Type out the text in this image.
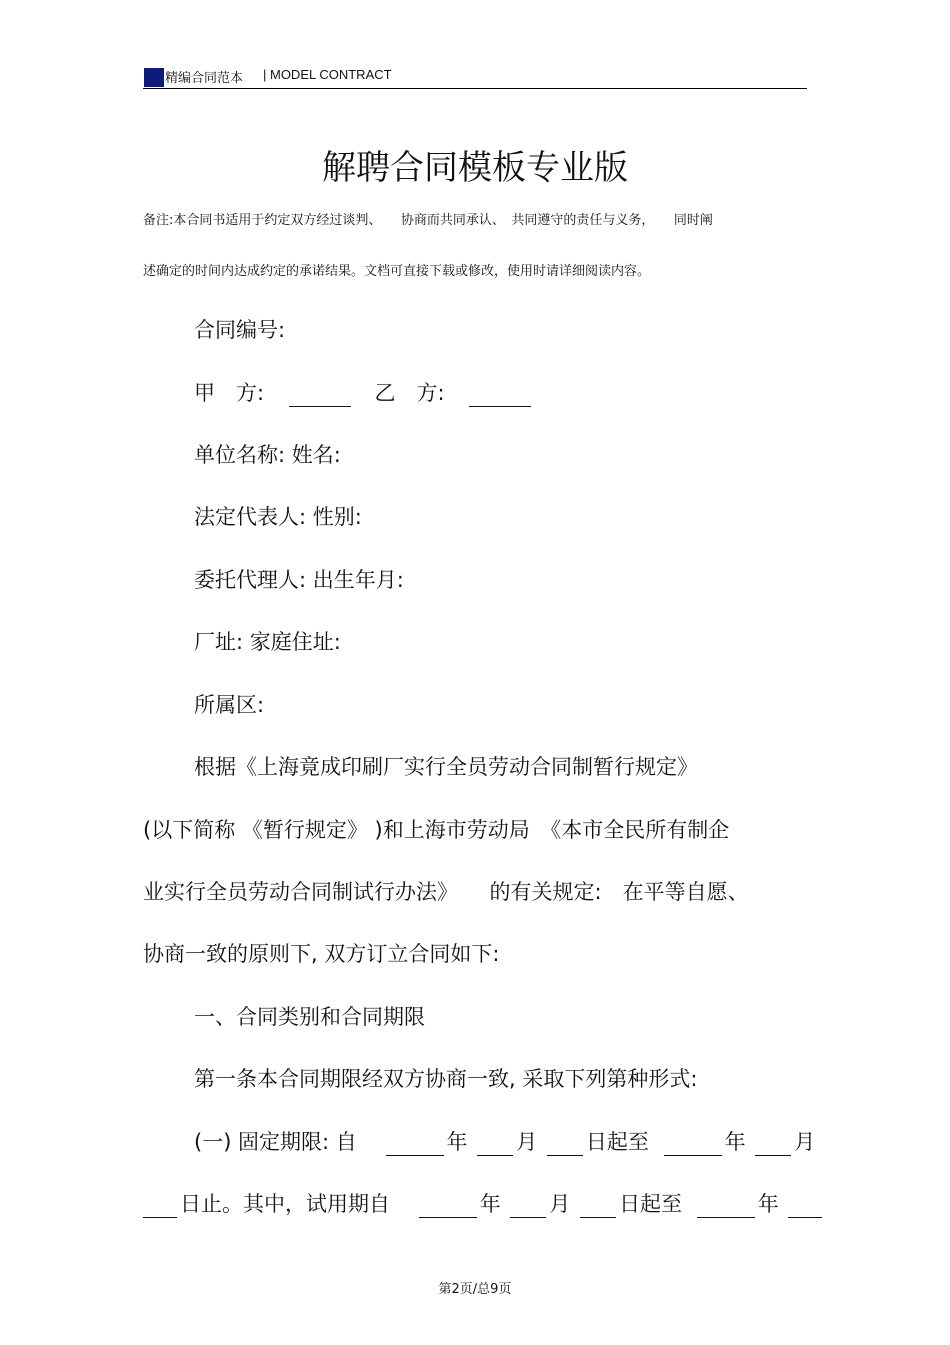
精编合同范本 | MODEL CONTRACT
解聘合同模板专业版
备注:本合同书适用于约定双方经过谈判、　　协商而共同承认、　共同遵守的责任与义务，　　同时阐
述确定的时间内达成约定的承诺结果。文档可直接下载或修改，使用时请详细阅读内容。
合同编号:
甲　方:	乙　方:
单位名称: 姓名:
法定代表人: 性别:
委托代理人: 出生年月:
厂址: 家庭住址:
所属区:
根据《上海竟成印刷厂实行全员劳动合同制暂行规定》
(以下简称 《暂行规定》 )和上海市劳动局　《本市全民所有制企
业实行全员劳动合同制试行办法》　　的有关规定:　在平等自愿、
协商一致的原则下, 双方订立合同如下:
一、合同类别和合同期限
第一条本合同期限经双方协商一致, 采取下列第种形式:
(一) 固定期限: 自	年 月 日起至	年 月
日止。其中，试用期自	年 月 日起至	年
第2页/总9页
